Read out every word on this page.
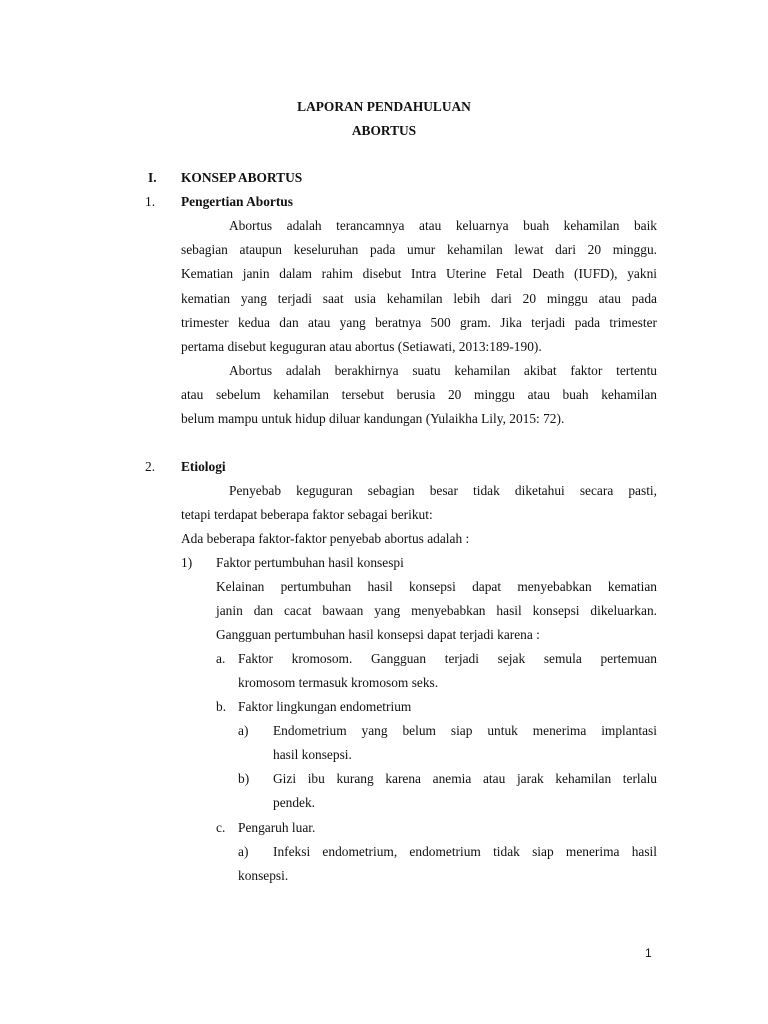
LAPORAN PENDAHULUAN
ABORTUS
I. KONSEP ABORTUS
1. Pengertian Abortus
Abortus adalah terancamnya atau keluarnya buah kehamilan baik
sebagian ataupun keseluruhan pada umur kehamilan lewat dari 20 minggu.
Kematian janin dalam rahim disebut Intra Uterine Fetal Death (IUFD), yakni
kematian yang terjadi saat usia kehamilan lebih dari 20 minggu atau pada
trimester kedua dan atau yang beratnya 500 gram. Jika terjadi pada trimester
pertama disebut keguguran atau abortus (Setiawati, 2013:189-190).
Abortus adalah berakhirnya suatu kehamilan akibat faktor tertentu
atau sebelum kehamilan tersebut berusia 20 minggu atau buah kehamilan
belum mampu untuk hidup diluar kandungan (Yulaikha Lily, 2015: 72).
2. Etiologi
Penyebab keguguran sebagian besar tidak diketahui secara pasti,
tetapi terdapat beberapa faktor sebagai berikut:
Ada beberapa faktor-faktor penyebab abortus adalah :
1) Faktor pertumbuhan hasil konsespi
Kelainan pertumbuhan hasil konsepsi dapat menyebabkan kematian
janin dan cacat bawaan yang menyebabkan hasil konsepsi dikeluarkan.
Gangguan pertumbuhan hasil konsepsi dapat terjadi karena :
a. Faktor kromosom. Gangguan terjadi sejak semula pertemuan
kromosom termasuk kromosom seks.
b. Faktor lingkungan endometrium
a) Endometrium yang belum siap untuk menerima implantasi
hasil konsepsi.
b) Gizi ibu kurang karena anemia atau jarak kehamilan terlalu
pendek.
c. Pengaruh luar.
a) Infeksi endometrium, endometrium tidak siap menerima hasil
konsepsi.
1
